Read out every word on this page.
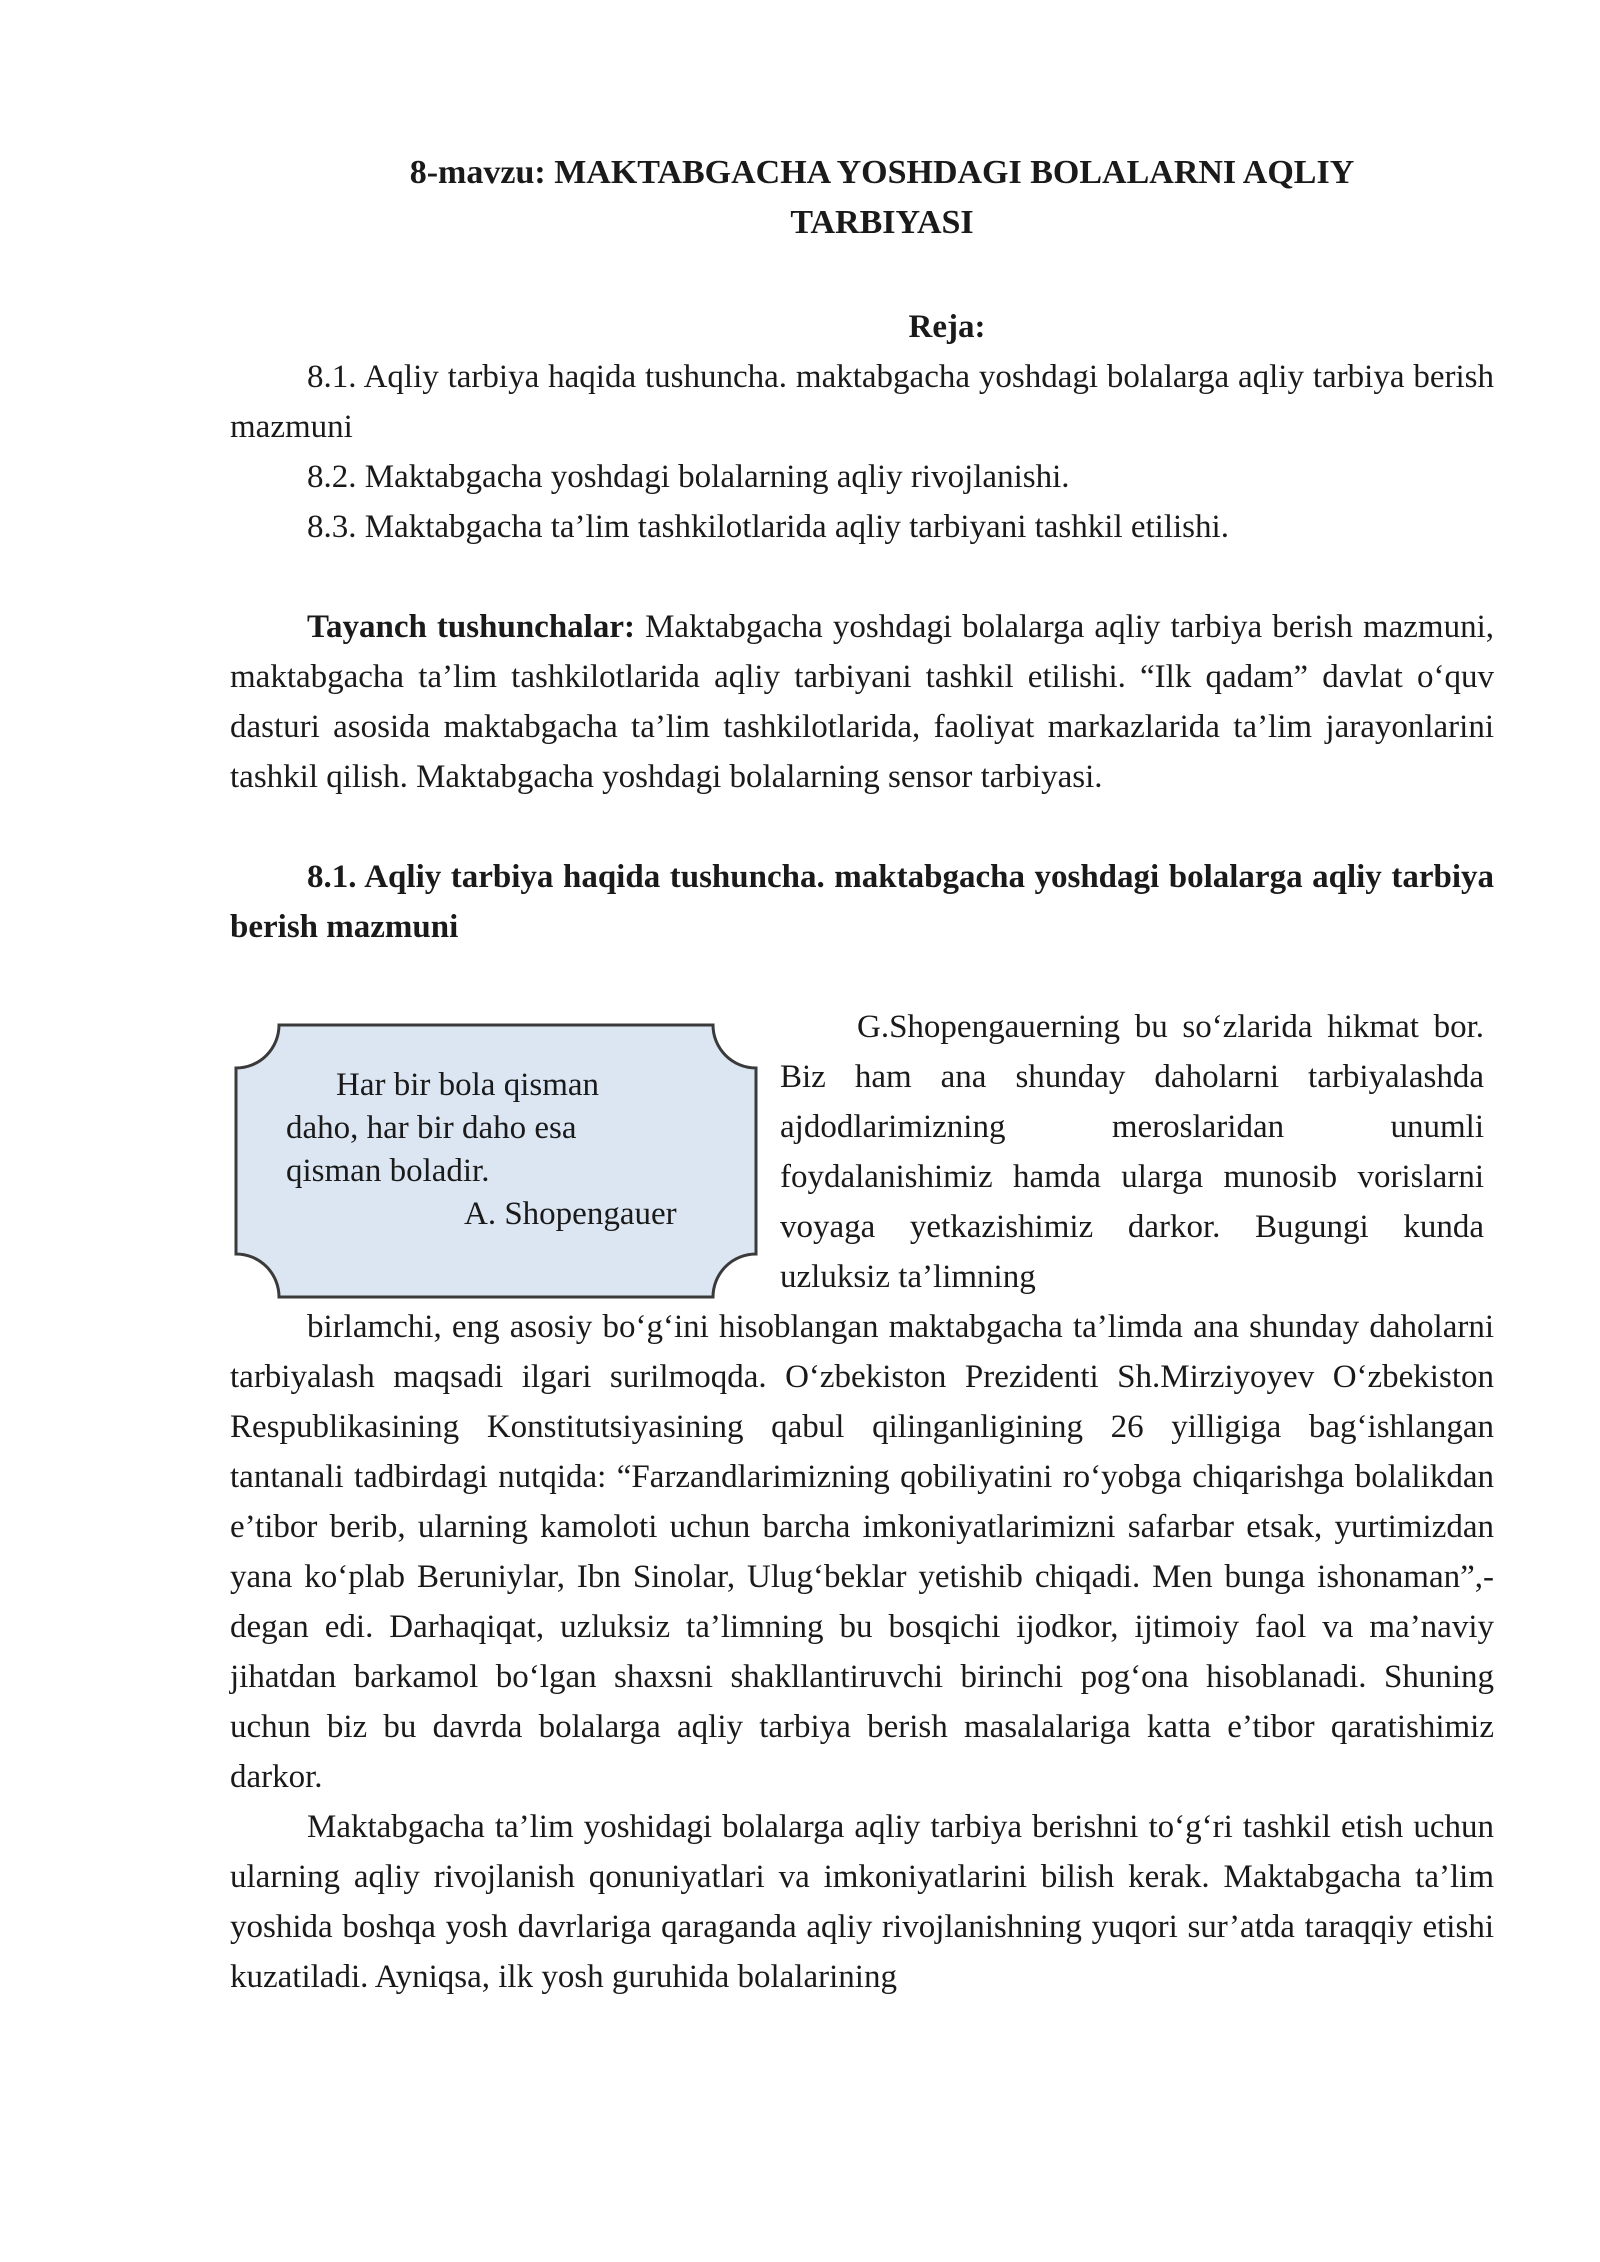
8-mavzu: MAKTABGACHA YOSHDAGI BOLALARNI AQLIY
TARBIYASI
Reja:

8.1. Aqliy tarbiya haqida tushuncha. maktabgacha yoshdagi bolalarga aqliy tarbiya berish mazmuni

8.2. Maktabgacha yoshdagi bolalarning aqliy rivojlanishi.

8.3. Maktabgacha ta’lim tashkilotlarida aqliy tarbiyani tashkil etilishi.

Tayanch tushunchalar: Maktabgacha yoshdagi bolalarga aqliy tarbiya berish mazmuni, maktabgacha ta’lim tashkilotlarida aqliy tarbiyani tashkil etilishi. “Ilk qadam” davlat o‘quv dasturi asosida maktabgacha ta’lim tashkilotlarida, faoliyat markazlarida ta’lim jarayonlarini tashkil qilish. Maktabgacha yoshdagi bolalarning sensor tarbiyasi.

8.1. Aqliy tarbiya haqida tushuncha. maktabgacha yoshdagi bolalarga aqliy tarbiya berish mazmuni

Har bir bola qisman
daho, har bir daho esa
qisman boladir.
A. Shopengauer

G.Shopengauerning bu so‘zlarida hikmat bor. Biz ham ana shunday daholarni tarbiyalashda ajdodlarimizning meroslaridan unumli foydalanishimiz hamda ularga munosib vorislarni voyaga yetkazishimiz darkor. Bugungi kunda uzluksiz ta’limning

birlamchi, eng asosiy bo‘g‘ini hisoblangan maktabgacha ta’limda ana shunday daholarni tarbiyalash maqsadi ilgari surilmoqda. O‘zbekiston Prezidenti Sh.Mirziyoyev O‘zbekiston Respublikasining Konstitutsiyasining qabul qilinganligining 26 yilligiga bag‘ishlangan tantanali tadbirdagi nutqida: “Farzandlarimizning qobiliyatini ro‘yobga chiqarishga bolalikdan e’tibor berib, ularning kamoloti uchun barcha imkoniyatlarimizni safarbar etsak, yurtimizdan yana ko‘plab Beruniylar, Ibn Sinolar, Ulug‘beklar yetishib chiqadi. Men bunga ishonaman”,- degan edi. Darhaqiqat, uzluksiz ta’limning bu bosqichi ijodkor, ijtimoiy faol va ma’naviy jihatdan barkamol bo‘lgan shaxsni shakllantiruvchi birinchi pog‘ona hisoblanadi. Shuning uchun biz bu davrda bolalarga aqliy tarbiya berish masalalariga katta e’tibor qaratishimiz darkor.

Maktabgacha ta’lim yoshidagi bolalarga aqliy tarbiya berishni to‘g‘ri tashkil etish uchun ularning aqliy rivojlanish qonuniyatlari va imkoniyatlarini bilish kerak. Maktabgacha ta’lim yoshida boshqa yosh davrlariga qaraganda aqliy rivojlanishning yuqori sur’atda taraqqiy etishi kuzatiladi. Ayniqsa, ilk yosh guruhida bolalarining
